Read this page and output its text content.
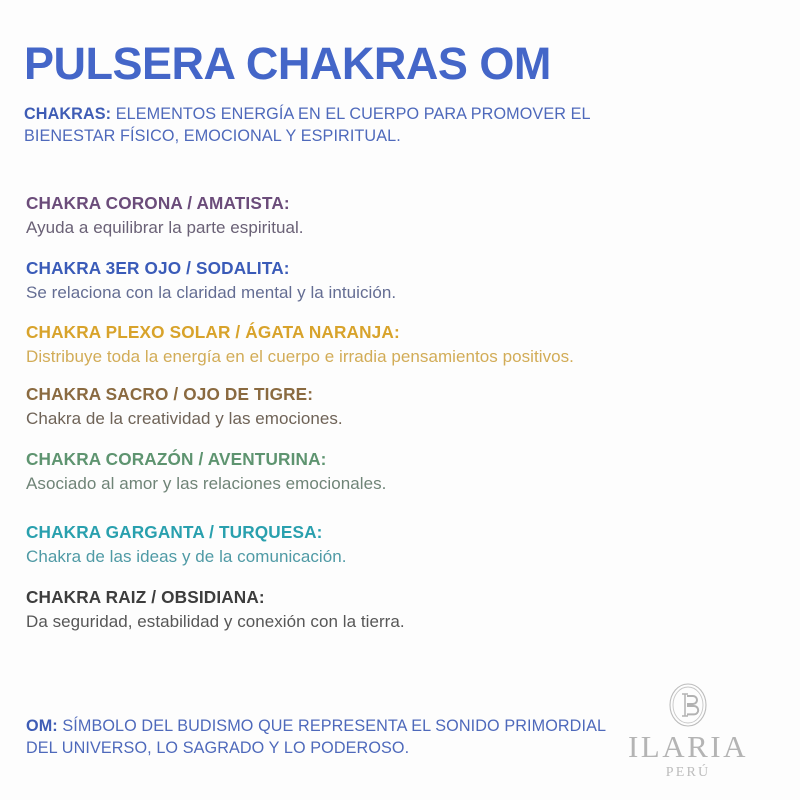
PULSERA CHAKRAS OM
CHAKRAS: ELEMENTOS ENERGÍA EN EL CUERPO PARA PROMOVER EL BIENESTAR FÍSICO, EMOCIONAL Y ESPIRITUAL.
CHAKRA CORONA / AMATISTA:
Ayuda a equilibrar la parte espiritual.
CHAKRA 3ER OJO / SODALITA:
Se relaciona con la claridad mental y la intuición.
CHAKRA PLEXO SOLAR / ÁGATA NARANJA:
Distribuye toda la energía en el cuerpo e irradia pensamientos positivos.
CHAKRA SACRO / OJO DE TIGRE:
Chakra de la creatividad y las emociones.
CHAKRA CORAZÓN / AVENTURINA:
Asociado al amor y las relaciones emocionales.
CHAKRA GARGANTA / TURQUESA:
Chakra de las ideas y de la comunicación.
CHAKRA RAIZ / OBSIDIANA:
Da seguridad, estabilidad y conexión con la tierra.
OM: SÍMBOLO DEL BUDISMO QUE REPRESENTA EL SONIDO PRIMORDIAL DEL UNIVERSO, LO SAGRADO Y LO PODEROSO.	ILARIA
PERÚ
